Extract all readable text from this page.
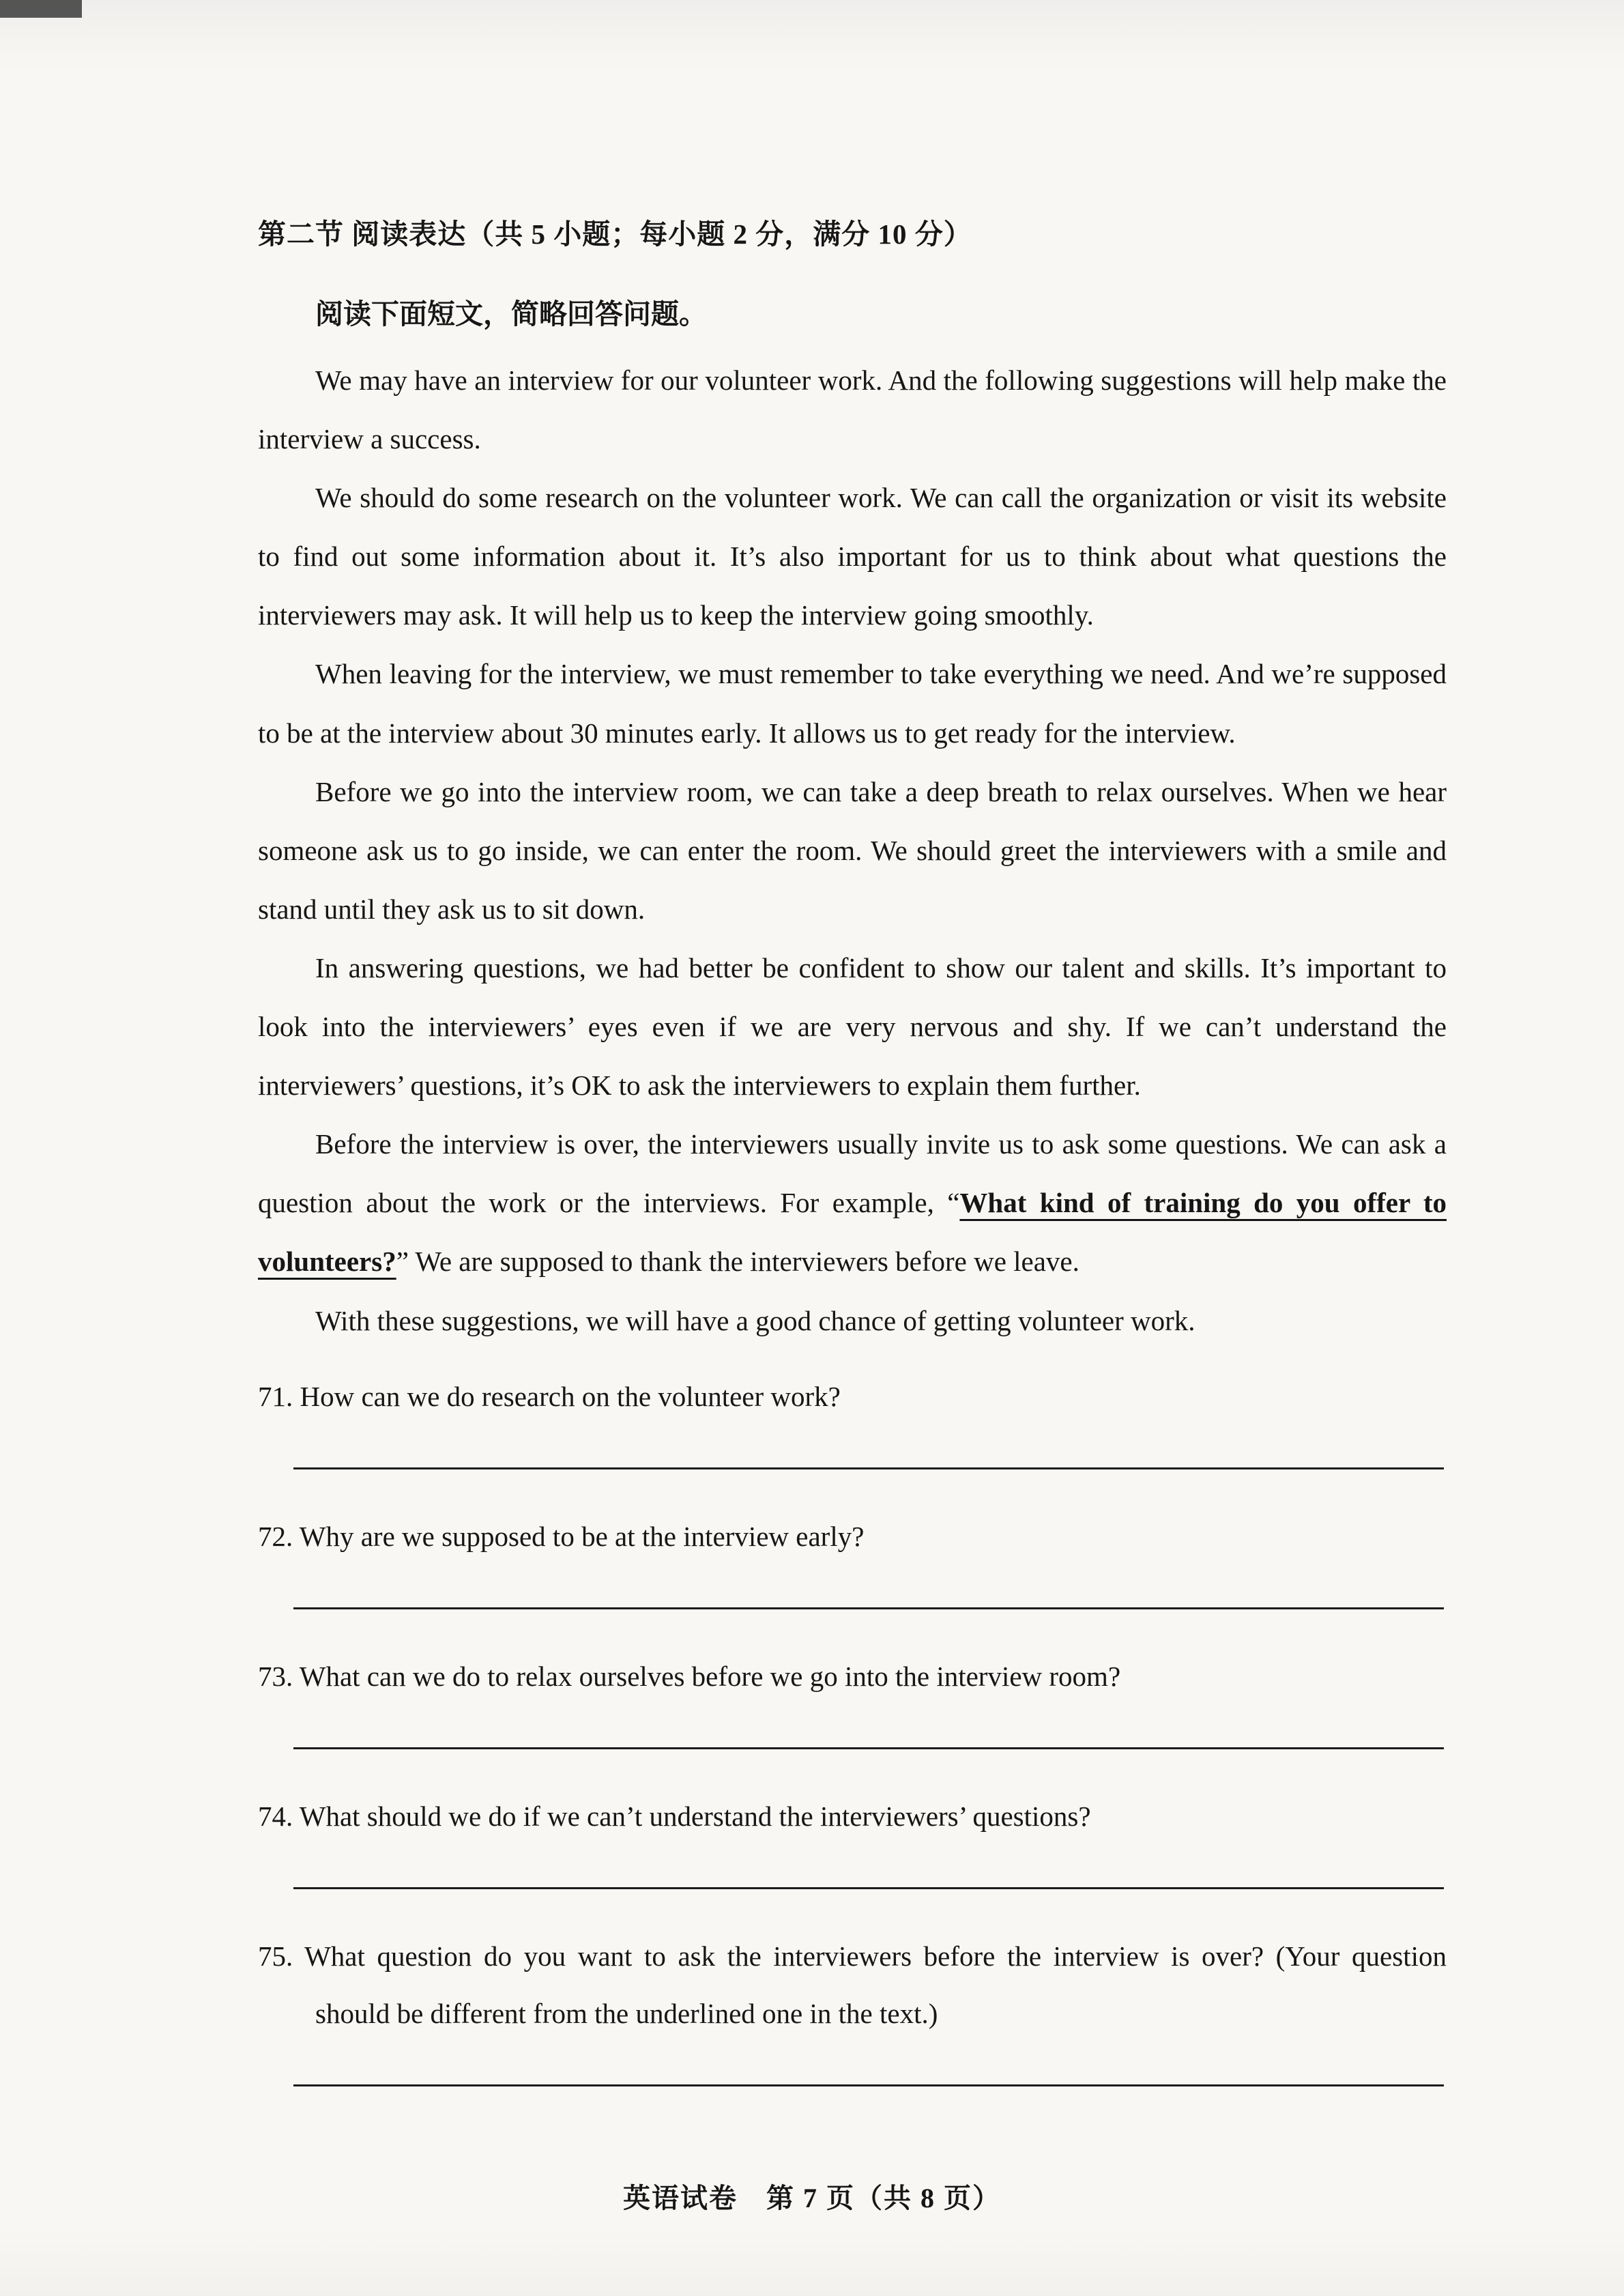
第二节 阅读表达（共 5 小题；每小题 2 分，满分 10 分）

阅读下面短文，简略回答问题。

We may have an interview for our volunteer work. And the following suggestions will help make the interview a success.

We should do some research on the volunteer work. We can call the organization or visit its website to find out some information about it. It’s also important for us to think about what questions the interviewers may ask. It will help us to keep the interview going smoothly.

When leaving for the interview, we must remember to take everything we need. And we’re supposed to be at the interview about 30 minutes early. It allows us to get ready for the interview.

Before we go into the interview room, we can take a deep breath to relax ourselves. When we hear someone ask us to go inside, we can enter the room. We should greet the interviewers with a smile and stand until they ask us to sit down.

In answering questions, we had better be confident to show our talent and skills. It’s important to look into the interviewers’ eyes even if we are very nervous and shy. If we can’t understand the interviewers’ questions, it’s OK to ask the interviewers to explain them further.

Before the interview is over, the interviewers usually invite us to ask some questions. We can ask a question about the work or the interviews. For example, “What kind of training do you offer to volunteers?” We are supposed to thank the interviewers before we leave.

With these suggestions, we will have a good chance of getting volunteer work.

71. How can we do research on the volunteer work?

72. Why are we supposed to be at the interview early?

73. What can we do to relax ourselves before we go into the interview room?

74. What should we do if we can’t understand the interviewers’ questions?

75. What question do you want to ask the interviewers before the interview is over? (Your question should be different from the underlined one in the text.)

英语试卷　第 7 页（共 8 页）
